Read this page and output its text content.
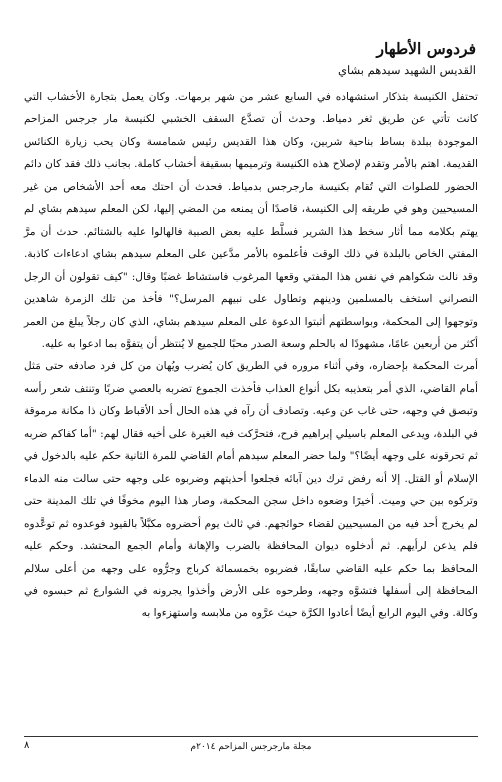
فردوس الأطهار
القديس الشهيد سيدهم بشاي

تحتفل الكنيسة بتذكار استشهاده في السابع عشر من شهر برمهات. وكان يعمل بتجارة الأخشاب التي كانت تأتي عن طريق ثغر دمياط. وحدث أن تصدَّع السقف الخشبي لكنيسة مار جرجس المزاحم الموجودة ببلدة بساط بناحية شربين، وكان هذا القديس رئيس شمامسة وكان يحب زيارة الكنائس القديمة. اهتم بالأمر وتقدم لإصلاح هذه الكنيسة وترميمها بسقيفة أخشاب كاملة. بجانب ذلك فقد كان دائم الحضور للصلوات التي تُقام بكنيسة مارجرجس بدمياط. فحدث أن احتك معه أحد الأشخاص من غير المسيحيين وهو في طريقه إلى الكنيسة، قاصدًا أن يمنعه من المضي إليها، لكن المعلم سيدهم بشاي لم يهتم بكلامه مما أثار سخط هذا الشرير فسلَّط عليه بعض الصبية فالهالوا عليه بالشتائم. حدث أن مرَّ المفتي الخاص بالبلدة في ذلك الوقت فأعلموه بالأمر مدَّعين على المعلم سيدهم بشاي ادعاءات كاذبة. وقد نالت شكواهم في نفس هذا المفتي وقعها المرغوب فاستشاط غضبًا وقال: "كيف تقولون أن الرجل النصراني استخف بالمسلمين ودينهم وتطاول على نبيهم المرسل؟" فأخذ من تلك الزمرة شاهدين وتوجهوا إلى المحكمة، وبواسطتهم أثبتوا الدعوة على المعلم سيدهم بشاي، الذي كان رجلاً يبلغ من العمر أكثر من أربعين عامًا، مشهودًا له بالحلم وسعة الصدر محبًا للجميع لا يُنتظر أن يتفوَّه بما ادعوا به عليه.

أمرت المحكمة بإحضاره، وفي أثناء مروره في الطريق كان يُضرب ويُهان من كل فرد صادفه حتى مَثل أمام القاضي، الذي أمر بتعذيبه بكل أنواع العذاب فأخذت الجموع تضربه بالعصي ضربًا وتنتف شعر رأسه وتبصق في وجهه، حتى غاب عن وعيه. وتصادف أن رآه في هذه الحال أحد الأقباط وكان ذا مكانة مرموقة في البلدة، ويدعى المعلم باسيلي إبراهيم فرح، فتحرَّكت فيه الغيرة على أخيه فقال لهم: "أما كفاكم ضربه ثم تحرقونه على وجهه أيضًا؟" ولما حضر المعلم سيدهم أمام القاضي للمرة الثانية حكم عليه بالدخول في الإسلام أو القتل. إلا أنه رفض ترك دين آبائه فجلعوا أحذيتهم وضربوه على وجهه حتى سالت منه الدماء وتركوه بين حي وميت. أخيرًا وضعوه داخل سجن المحكمة، وصار هذا اليوم مخوفًا في تلك المدينة حتى لم يخرج أحد فيه من المسيحيين لقضاء حوائجهم. في ثالث يوم أحضروه مكبَّلاً بالقيود فوعدوه ثم توعَّدوه فلم يذعن لرأيهم. ثم أدخلوه ديوان المحافظة بالضرب والإهانة وأمام الجمع المحتشد. وحكم عليه المحافظ بما حكم عليه القاضي سابقًا، فضربوه بخمسمائة كرباج وجرُّوه على وجهه من أعلى سلالم المحافظة إلى أسفلها فتشوَّه وجهه، وطرحوه على الأرض وأخذوا يجرونه في الشوارع ثم حبسوه في وكالة. وفي اليوم الرابع أيضًا أعادوا الكرَّة حيث عرَّوه من ملابسه واستهزءوا به

مجلة مارجرجس المزاحم ٢٠١٤م
٨
